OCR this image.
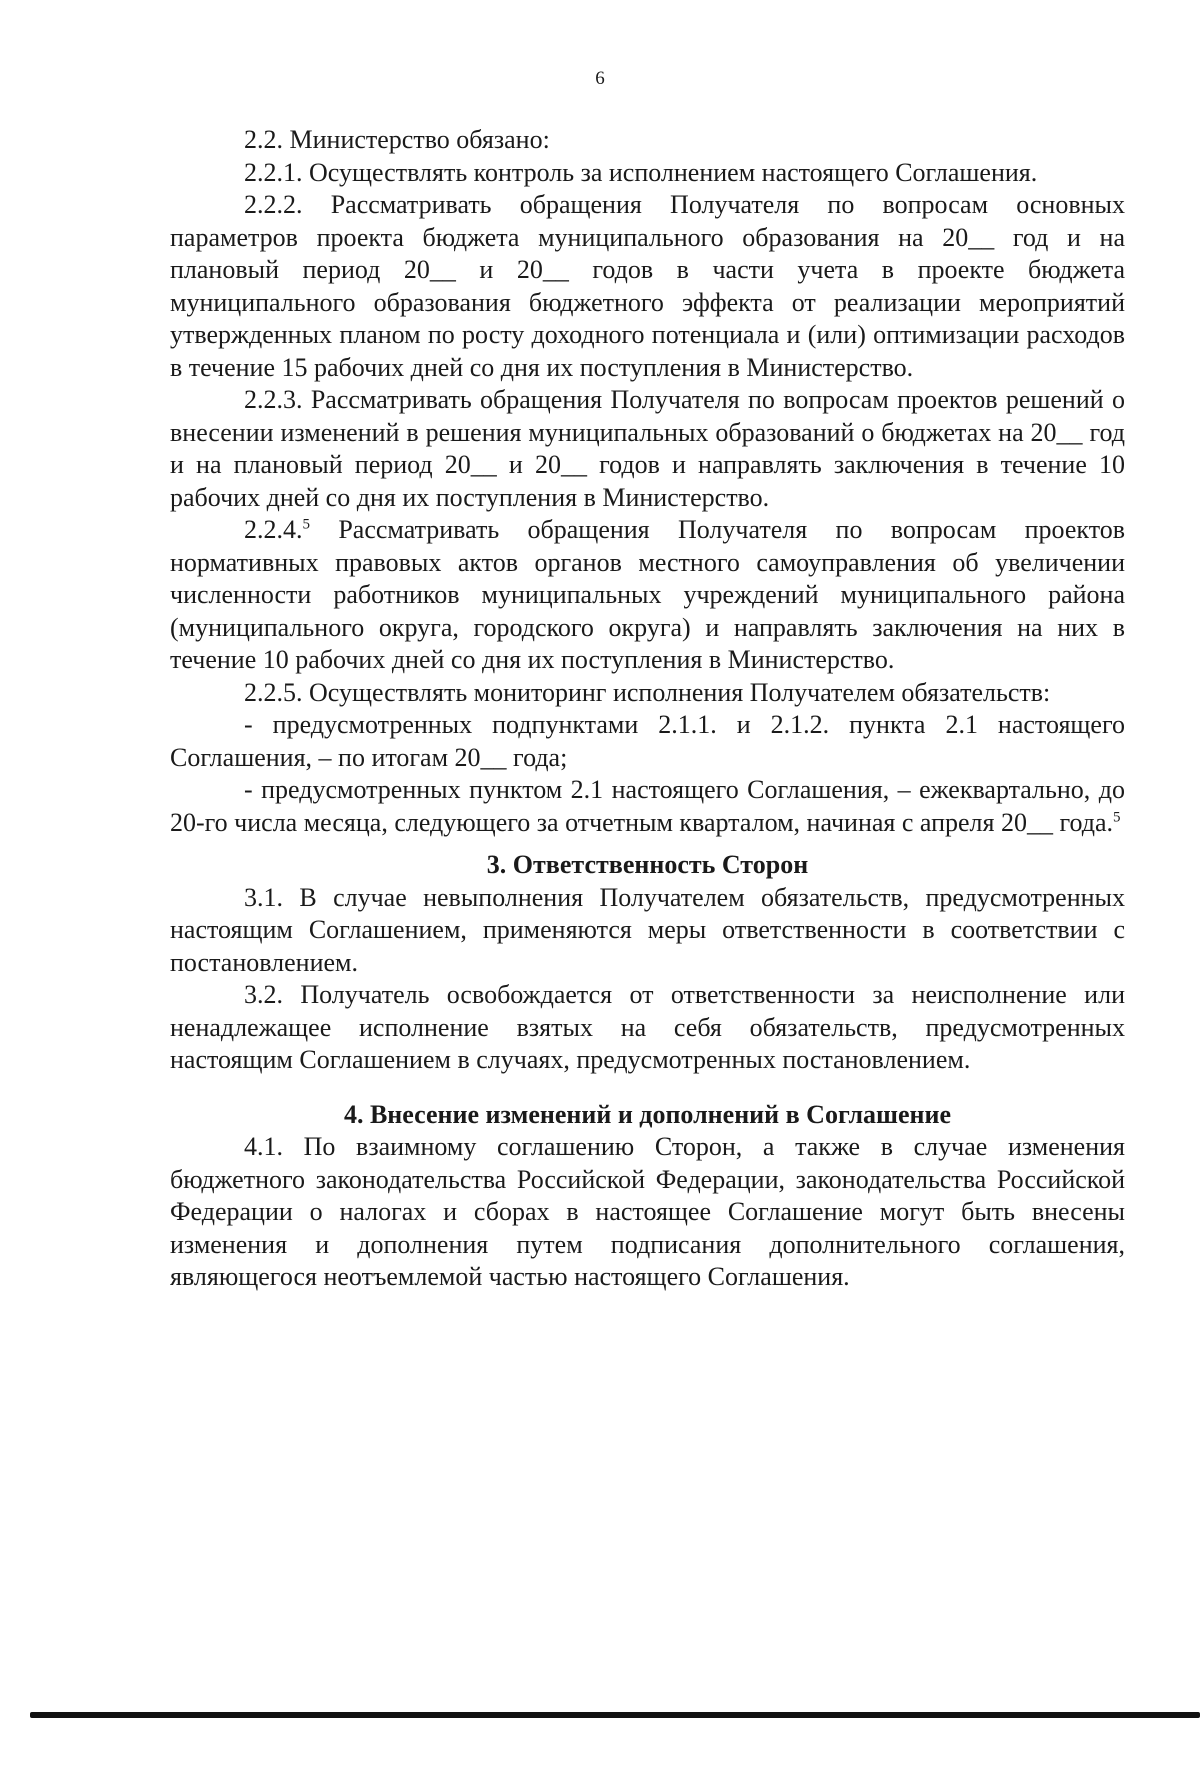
6

2.2. Министерство обязано:

2.2.1. Осуществлять контроль за исполнением настоящего Соглашения.

2.2.2. Рассматривать обращения Получателя по вопросам основных параметров проекта бюджета муниципального образования на 20__ год и на плановый период 20__ и 20__ годов в части учета в проекте бюджета муниципального образования бюджетного эффекта от реализации мероприятий утвержденных планом по росту доходного потенциала и (или) оптимизации расходов в течение 15 рабочих дней со дня их поступления в Министерство.

2.2.3. Рассматривать обращения Получателя по вопросам проектов решений о внесении изменений в решения муниципальных образований о бюджетах на 20__ год и на плановый период 20__ и 20__ годов и направлять заключения в течение 10 рабочих дней со дня их поступления в Министерство.

2.2.4.$^5$ Рассматривать обращения Получателя по вопросам проектов нормативных правовых актов органов местного самоуправления об увеличении численности работников муниципальных учреждений муниципального района (муниципального округа, городского округа) и направлять заключения на них в течение 10 рабочих дней со дня их поступления в Министерство.

2.2.5. Осуществлять мониторинг исполнения Получателем обязательств:

- предусмотренных подпунктами 2.1.1. и 2.1.2. пункта 2.1 настоящего Соглашения, – по итогам 20__ года;

- предусмотренных пунктом 2.1 настоящего Соглашения, – ежеквартально, до 20-го числа месяца, следующего за отчетным кварталом, начиная с апреля 20__ года.$^5$

3. Ответственность Сторон

3.1. В случае невыполнения Получателем обязательств, предусмотренных настоящим Соглашением, применяются меры ответственности в соответствии с постановлением.

3.2. Получатель освобождается от ответственности за неисполнение или ненадлежащее исполнение взятых на себя обязательств, предусмотренных настоящим Соглашением в случаях, предусмотренных постановлением.

4. Внесение изменений и дополнений в Соглашение

4.1. По взаимному соглашению Сторон, а также в случае изменения бюджетного законодательства Российской Федерации, законодательства Российской Федерации о налогах и сборах в настоящее Соглашение могут быть внесены изменения и дополнения путем подписания дополнительного соглашения, являющегося неотъемлемой частью настоящего Соглашения.
